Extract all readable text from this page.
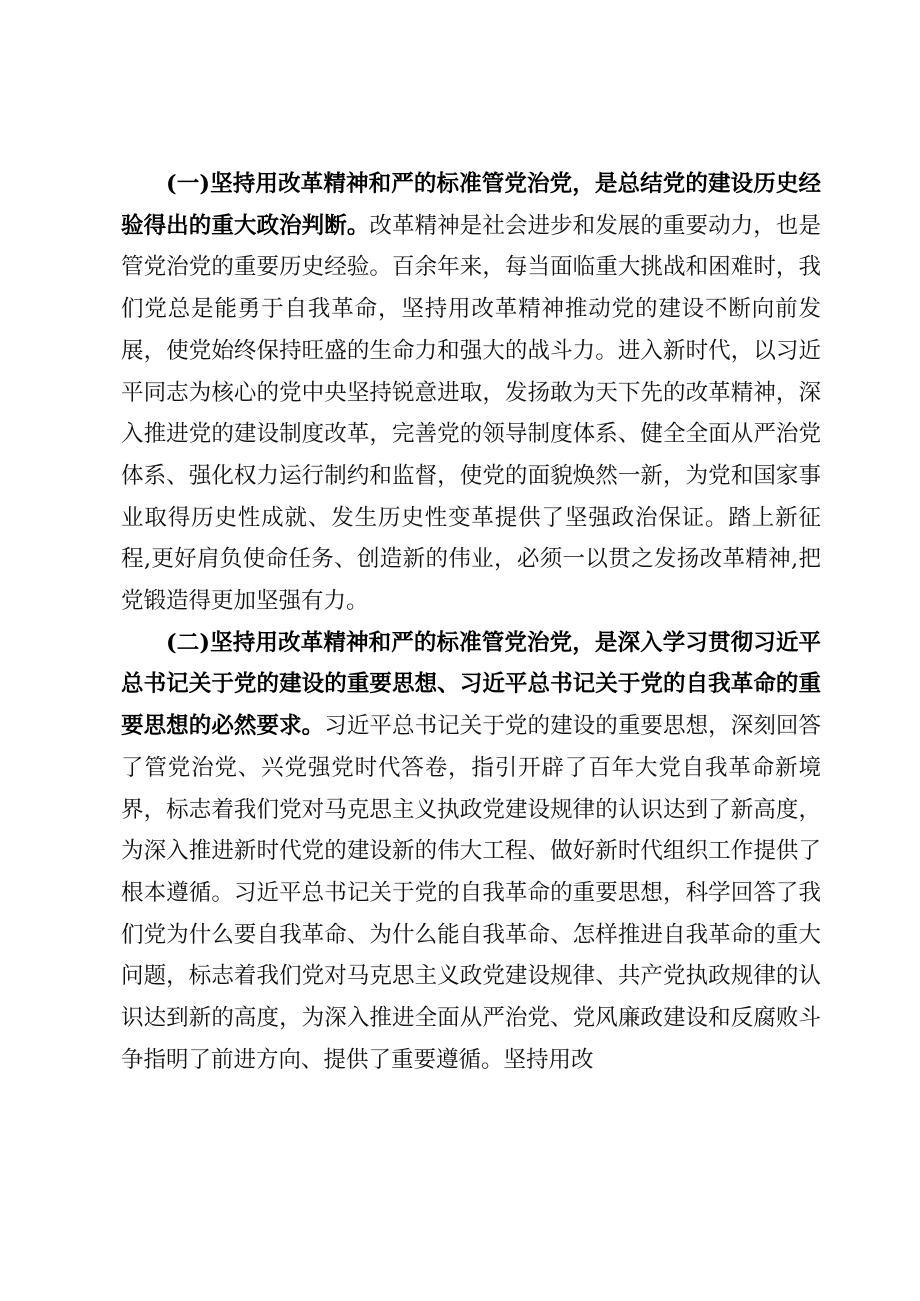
(一)坚持用改革精神和严的标准管党治党，是总结党的建设历史经验得出的重大政治判断。改革精神是社会进步和发展的重要动力，也是管党治党的重要历史经验。百余年来，每当面临重大挑战和困难时，我们党总是能勇于自我革命，坚持用改革精神推动党的建设不断向前发展，使党始终保持旺盛的生命力和强大的战斗力。进入新时代，以习近平同志为核心的党中央坚持锐意进取，发扬敢为天下先的改革精神，深入推进党的建设制度改革，完善党的领导制度体系、健全全面从严治党体系、强化权力运行制约和监督，使党的面貌焕然一新，为党和国家事业取得历史性成就、发生历史性变革提供了坚强政治保证。踏上新征程,更好肩负使命任务、创造新的伟业，必须一以贯之发扬改革精神,把党锻造得更加坚强有力。

(二)坚持用改革精神和严的标准管党治党，是深入学习贯彻习近平总书记关于党的建设的重要思想、习近平总书记关于党的自我革命的重要思想的必然要求。习近平总书记关于党的建设的重要思想，深刻回答了管党治党、兴党强党时代答卷，指引开辟了百年大党自我革命新境界，标志着我们党对马克思主义执政党建设规律的认识达到了新高度，为深入推进新时代党的建设新的伟大工程、做好新时代组织工作提供了根本遵循。习近平总书记关于党的自我革命的重要思想，科学回答了我们党为什么要自我革命、为什么能自我革命、怎样推进自我革命的重大问题，标志着我们党对马克思主义政党建设规律、共产党执政规律的认识达到新的高度，为深入推进全面从严治党、党风廉政建设和反腐败斗争指明了前进方向、提供了重要遵循。坚持用改
